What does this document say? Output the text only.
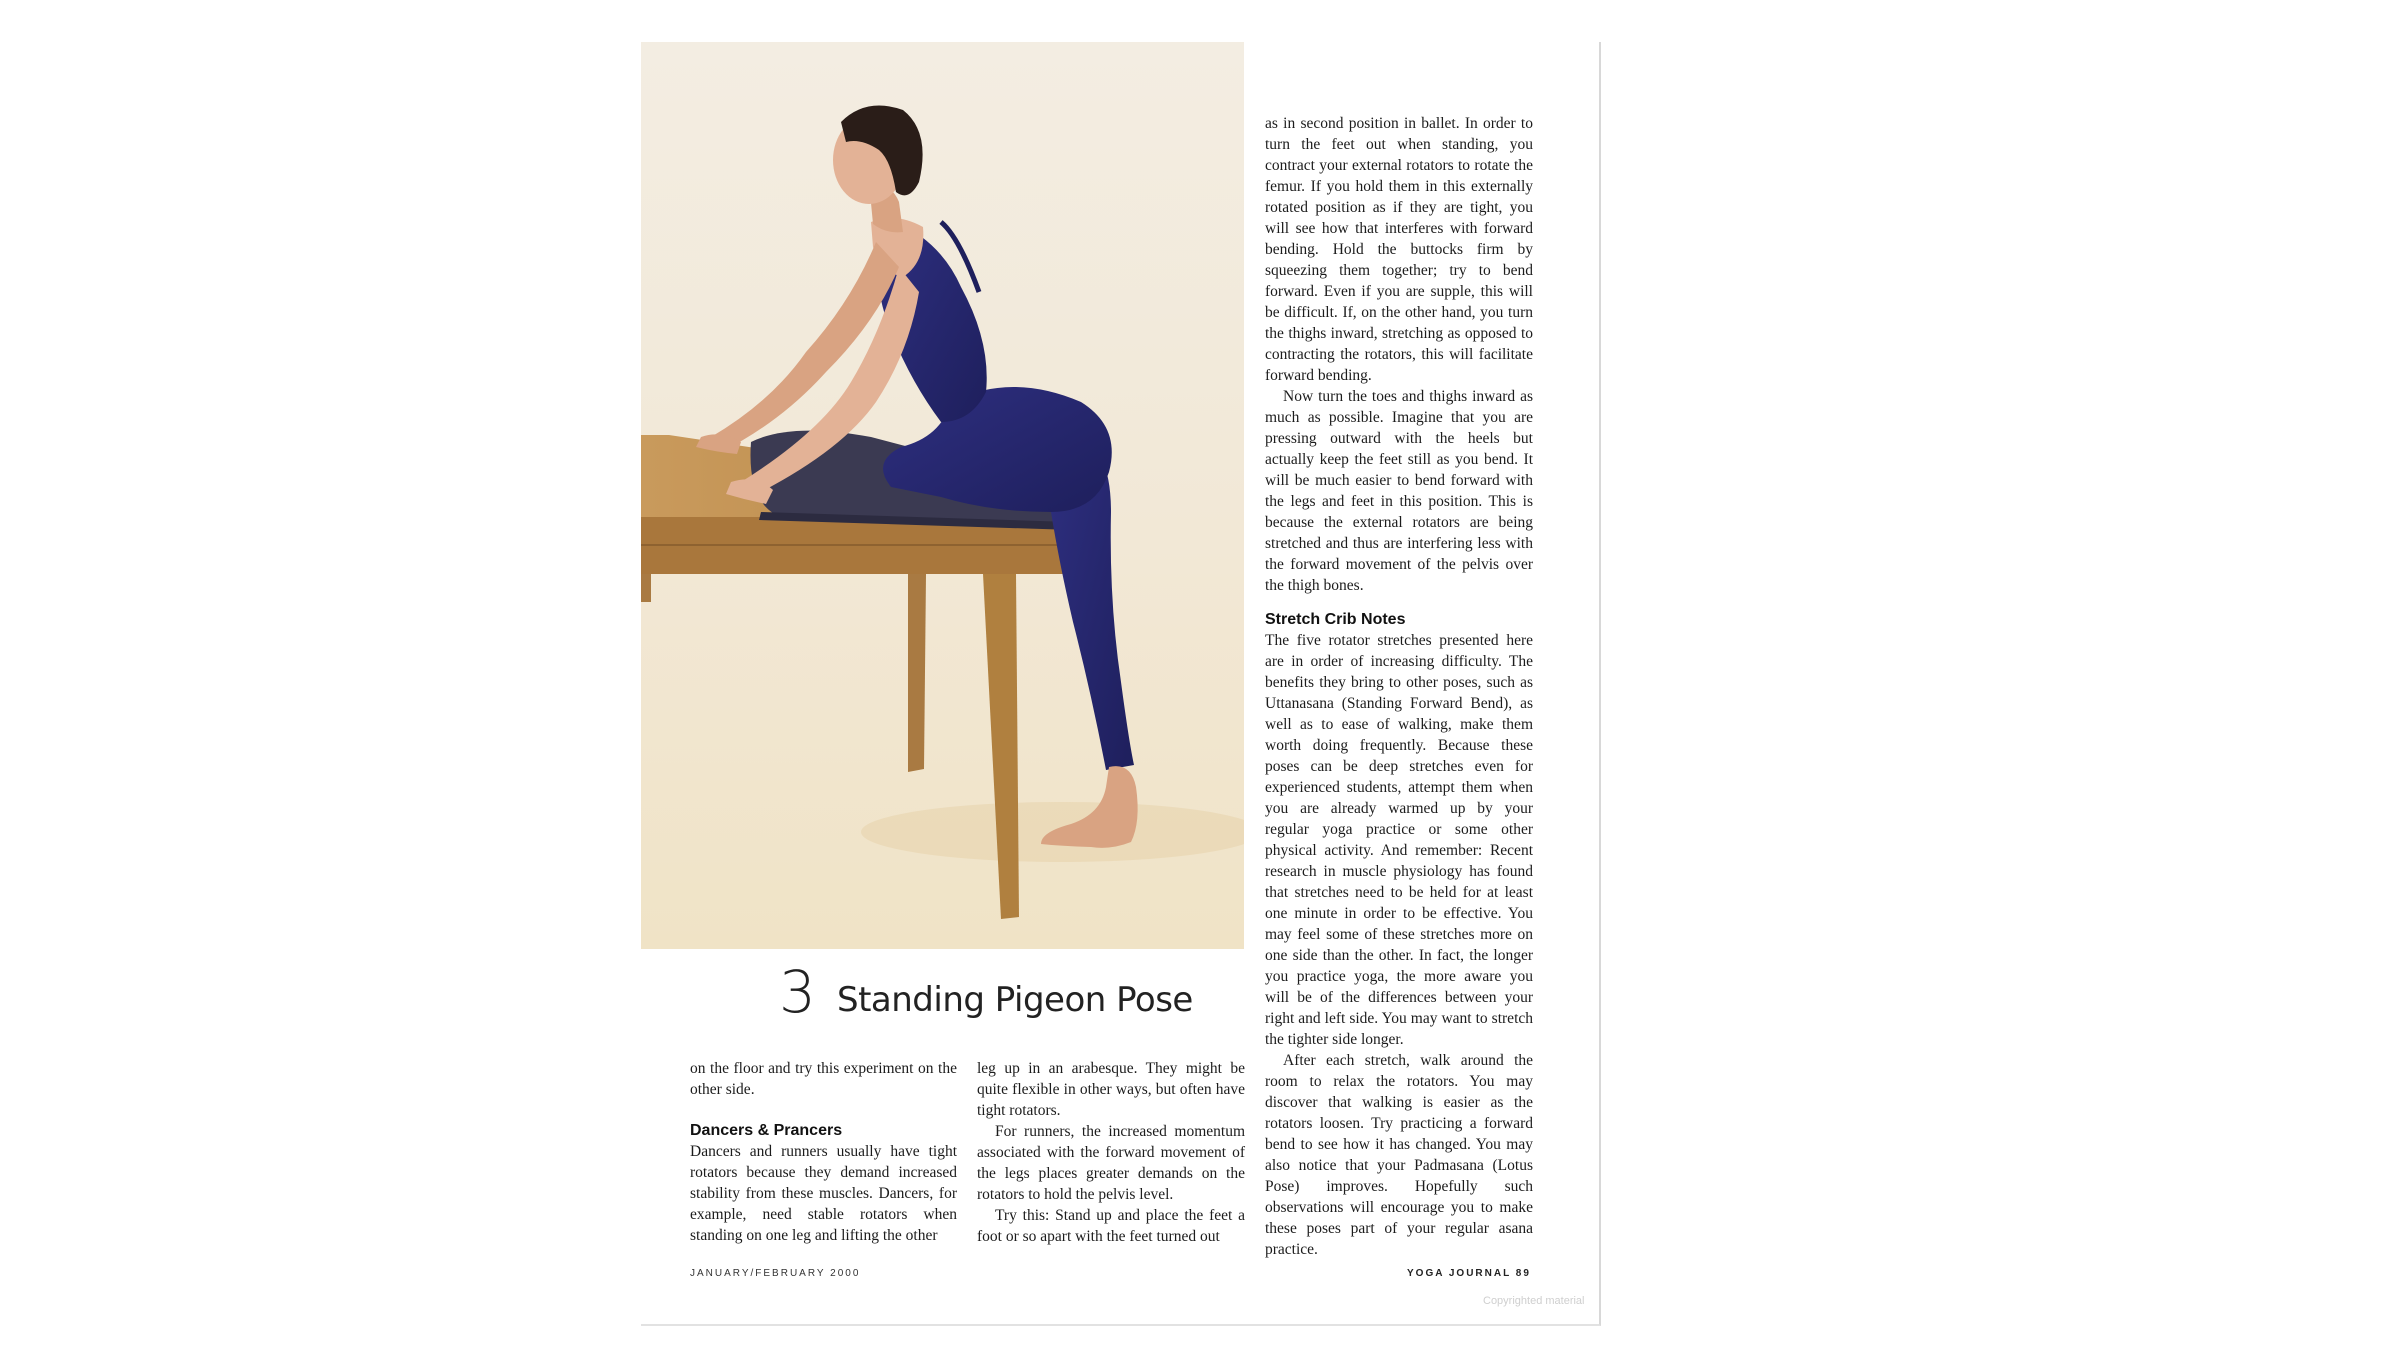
3 Standing Pigeon Pose

on the floor and try this experiment on the other side.

Dancers & Prancers

Dancers and runners usually have tight rotators because they demand increased stability from these muscles. Dancers, for example, need stable rotators when standing on one leg and lifting the other

leg up in an arabesque. They might be quite flexible in other ways, but often have tight rotators.

For runners, the increased momentum associated with the forward movement of the legs places greater demands on the rotators to hold the pelvis level.

Try this: Stand up and place the feet a foot or so apart with the feet turned out

as in second position in ballet. In order to turn the feet out when standing, you contract your external rotators to rotate the femur. If you hold them in this externally rotated position as if they are tight, you will see how that interferes with forward bending. Hold the buttocks firm by squeezing them together; try to bend forward. Even if you are supple, this will be difficult. If, on the other hand, you turn the thighs inward, stretching as opposed to contracting the rotators, this will facilitate forward bending.

Now turn the toes and thighs inward as much as possible. Imagine that you are pressing outward with the heels but actually keep the feet still as you bend. It will be much easier to bend forward with the legs and feet in this position. This is because the external rotators are being stretched and thus are interfering less with the forward movement of the pelvis over the thigh bones.

Stretch Crib Notes

The five rotator stretches presented here are in order of increasing difficulty. The benefits they bring to other poses, such as Uttanasana (Standing Forward Bend), as well as to ease of walking, make them worth doing frequently. Because these poses can be deep stretches even for experienced students, attempt them when you are already warmed up by your regular yoga practice or some other physical activity. And remember: Recent research in muscle physiology has found that stretches need to be held for at least one minute in order to be effective. You may feel some of these stretches more on one side than the other. In fact, the longer you practice yoga, the more aware you will be of the differences between your right and left side. You may want to stretch the tighter side longer.

After each stretch, walk around the room to relax the rotators. You may discover that walking is easier as the rotators loosen. Try practicing a forward bend to see how it has changed. You may also notice that your Padmasana (Lotus Pose) improves. Hopefully such observations will encourage you to make these poses part of your regular asana practice.

JANUARY/FEBRUARY 2000	YOGA JOURNAL 89
Copyrighted material
